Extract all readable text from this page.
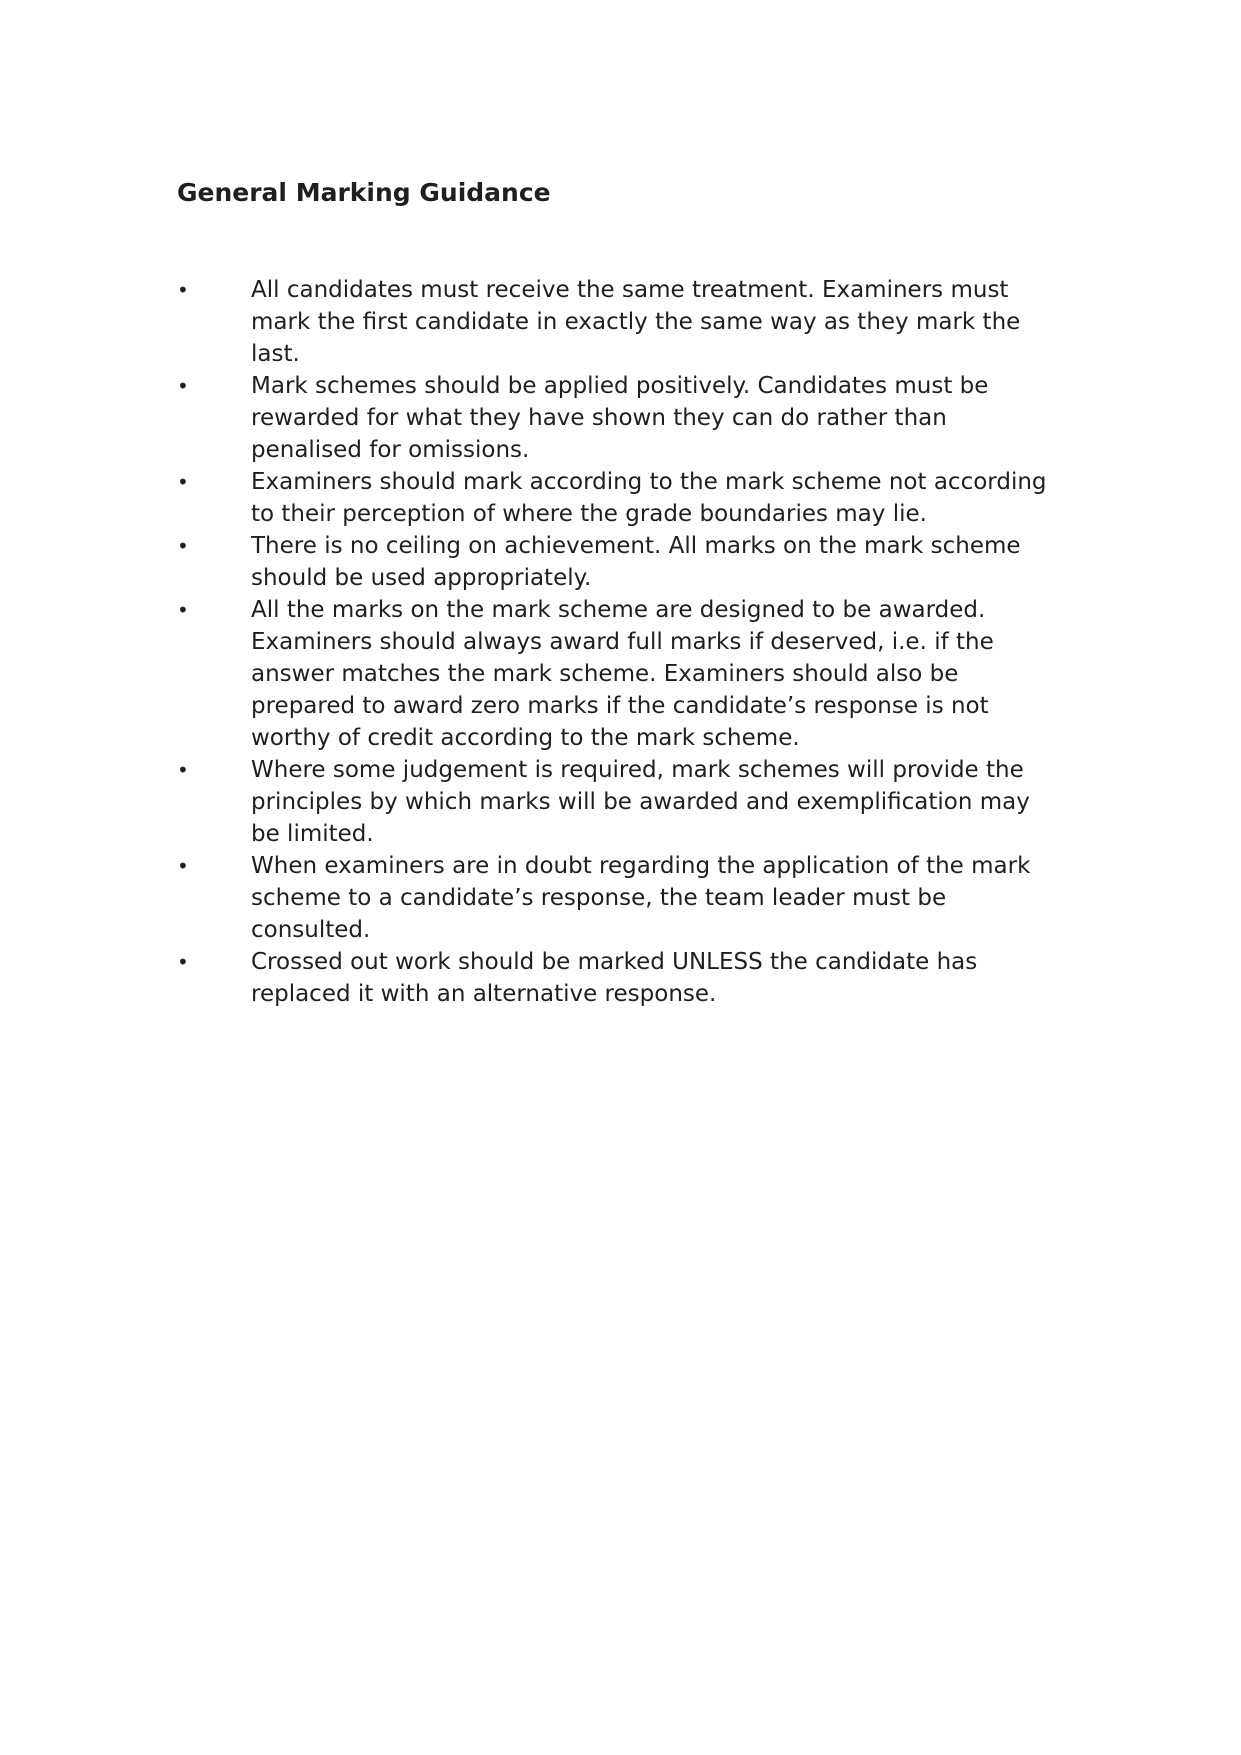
General Marking Guidance
•	All candidates must receive the same treatment. Examiners must
mark the first candidate in exactly the same way as they mark the
last.
•	Mark schemes should be applied positively. Candidates must be
rewarded for what they have shown they can do rather than
penalised for omissions.
•	Examiners should mark according to the mark scheme not according
to their perception of where the grade boundaries may lie.
•	There is no ceiling on achievement. All marks on the mark scheme
should be used appropriately.
•	All the marks on the mark scheme are designed to be awarded.
Examiners should always award full marks if deserved, i.e. if the
answer matches the mark scheme. Examiners should also be
prepared to award zero marks if the candidate’s response is not
worthy of credit according to the mark scheme.
•	Where some judgement is required, mark schemes will provide the
principles by which marks will be awarded and exemplification may
be limited.
•	When examiners are in doubt regarding the application of the mark
scheme to a candidate’s response, the team leader must be
consulted.
•	Crossed out work should be marked UNLESS the candidate has
replaced it with an alternative response.
